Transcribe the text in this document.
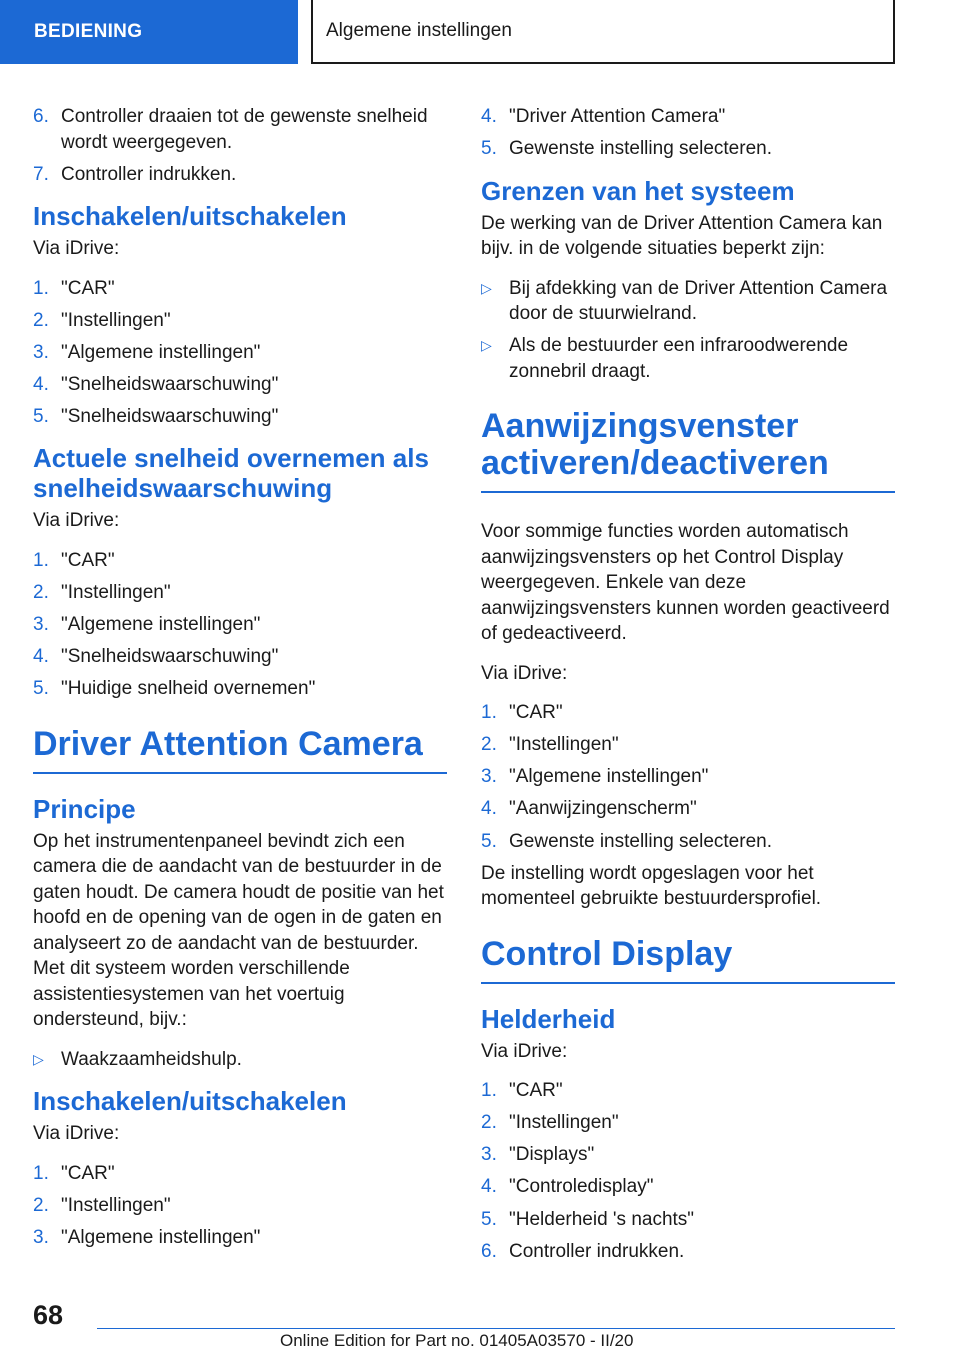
BEDIENING	Algemene instellingen
6. Controller draaien tot de gewenste snelheid wordt weergegeven.
7. Controller indrukken.
Inschakelen/uitschakelen

Via iDrive:

1. "CAR"
2. "Instellingen"
3. "Algemene instellingen"
4. "Snelheidswaarschuwing"
5. "Snelheidswaarschuwing"
Actuele snelheid overnemen als snelheidswaarschuwing

Via iDrive:

1. "CAR"
2. "Instellingen"
3. "Algemene instellingen"
4. "Snelheidswaarschuwing"
5. "Huidige snelheid overnemen"
Driver Attention Camera
Principe

Op het instrumentenpaneel bevindt zich een camera die de aandacht van de bestuurder in de gaten houdt. De camera houdt de positie van het hoofd en de opening van de ogen in de gaten en analyseert zo de aandacht van de bestuurder. Met dit systeem worden verschillende assistentiesystemen van het voertuig ondersteund, bijv.:

▷ Waakzaamheidshulp.
Inschakelen/uitschakelen

Via iDrive:

1. "CAR"
2. "Instellingen"
3. "Algemene instellingen"
4. "Driver Attention Camera"
5. Gewenste instelling selecteren.
Grenzen van het systeem

De werking van de Driver Attention Camera kan bijv. in de volgende situaties beperkt zijn:

▷ Bij afdekking van de Driver Attention Camera door de stuurwielrand.
▷ Als de bestuurder een infraroodwerende zonnebril draagt.
Aanwijzingsvenster activeren/deactiveren

Voor sommige functies worden automatisch aanwijzingsvensters op het Control Display weergegeven. Enkele van deze aanwijzingsvensters kunnen worden geactiveerd of gedeactiveerd.

Via iDrive:

1. "CAR"
2. "Instellingen"
3. "Algemene instellingen"
4. "Aanwijzingenscherm"
5. Gewenste instelling selecteren.

De instelling wordt opgeslagen voor het momenteel gebruikte bestuurdersprofiel.

Control Display
Helderheid

Via iDrive:

1. "CAR"
2. "Instellingen"
3. "Displays"
4. "Controledisplay"
5. "Helderheid 's nachts"
6. Controller indrukken.
68
Online Edition for Part no. 01405A03570 - II/20
